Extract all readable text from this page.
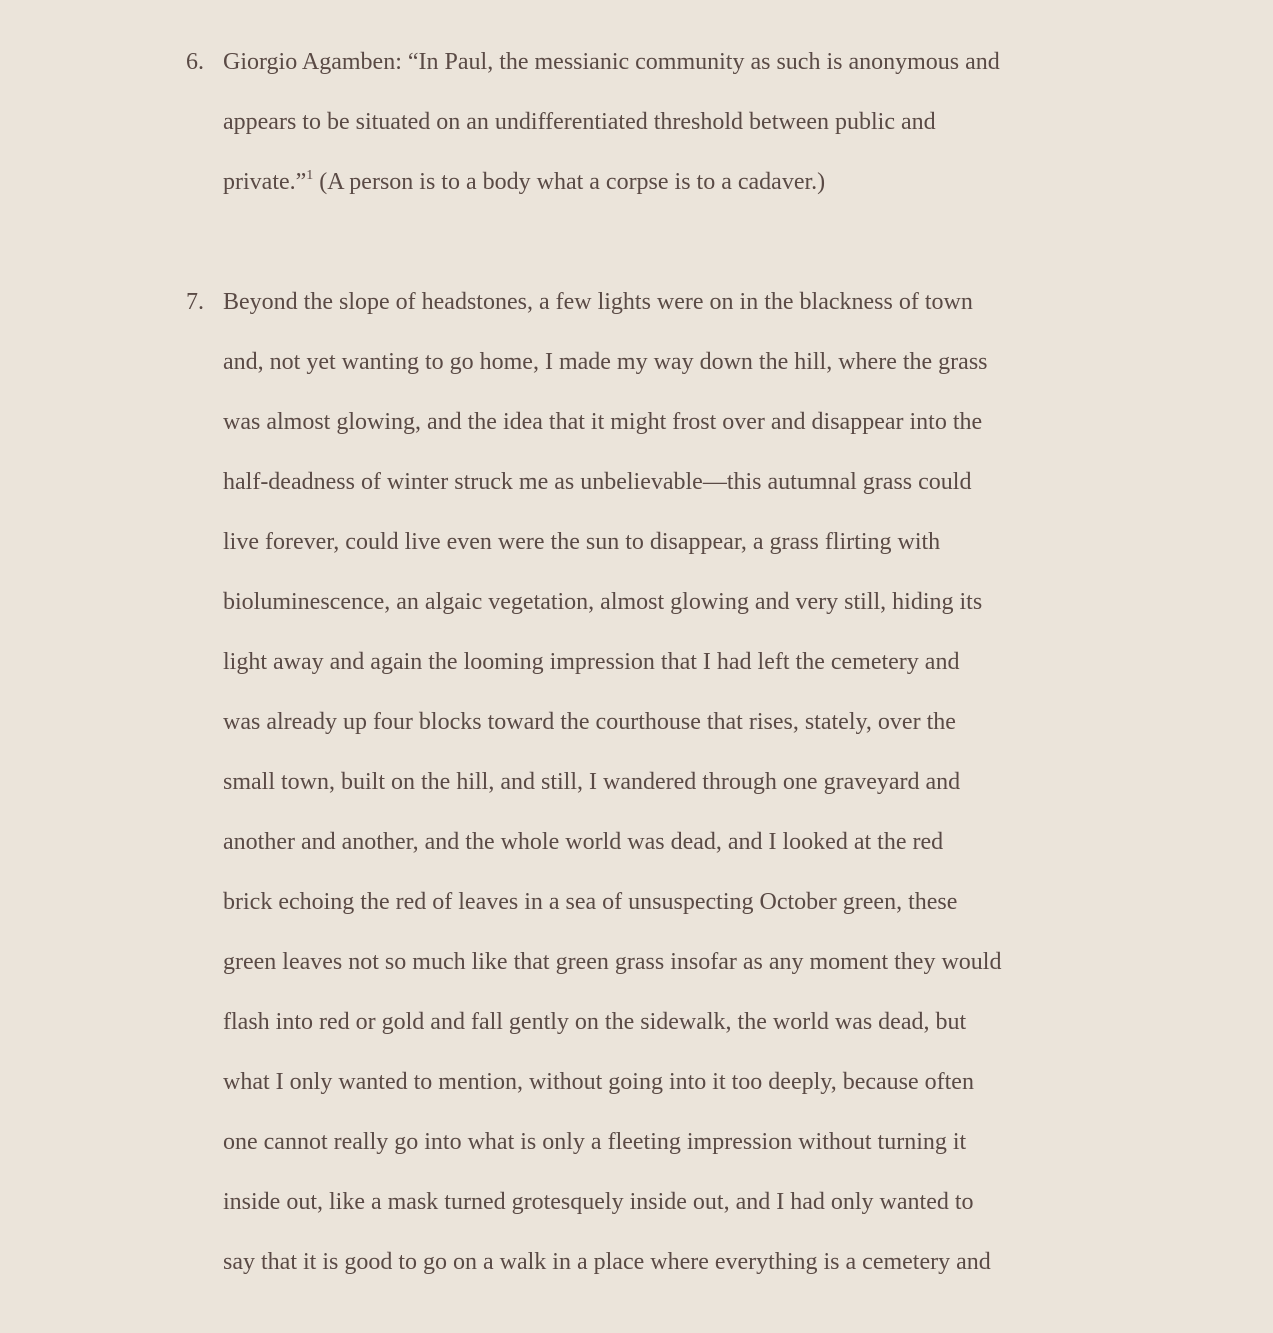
6. Giorgio Agamben: “In Paul, the messianic community as such is anonymous and
appears to be situated on an undifferentiated threshold between public and
private.”$^1$ (A person is to a body what a corpse is to a cadaver.)
7. Beyond the slope of headstones, a few lights were on in the blackness of town
and, not yet wanting to go home, I made my way down the hill, where the grass
was almost glowing, and the idea that it might frost over and disappear into the
half-deadness of winter struck me as unbelievable—this autumnal grass could
live forever, could live even were the sun to disappear, a grass flirting with
bioluminescence, an algaic vegetation, almost glowing and very still, hiding its
light away and again the looming impression that I had left the cemetery and
was already up four blocks toward the courthouse that rises, stately, over the
small town, built on the hill, and still, I wandered through one graveyard and
another and another, and the whole world was dead, and I looked at the red
brick echoing the red of leaves in a sea of unsuspecting October green, these
green leaves not so much like that green grass insofar as any moment they would
flash into red or gold and fall gently on the sidewalk, the world was dead, but
what I only wanted to mention, without going into it too deeply, because often
one cannot really go into what is only a fleeting impression without turning it
inside out, like a mask turned grotesquely inside out, and I had only wanted to
say that it is good to go on a walk in a place where everything is a cemetery and
